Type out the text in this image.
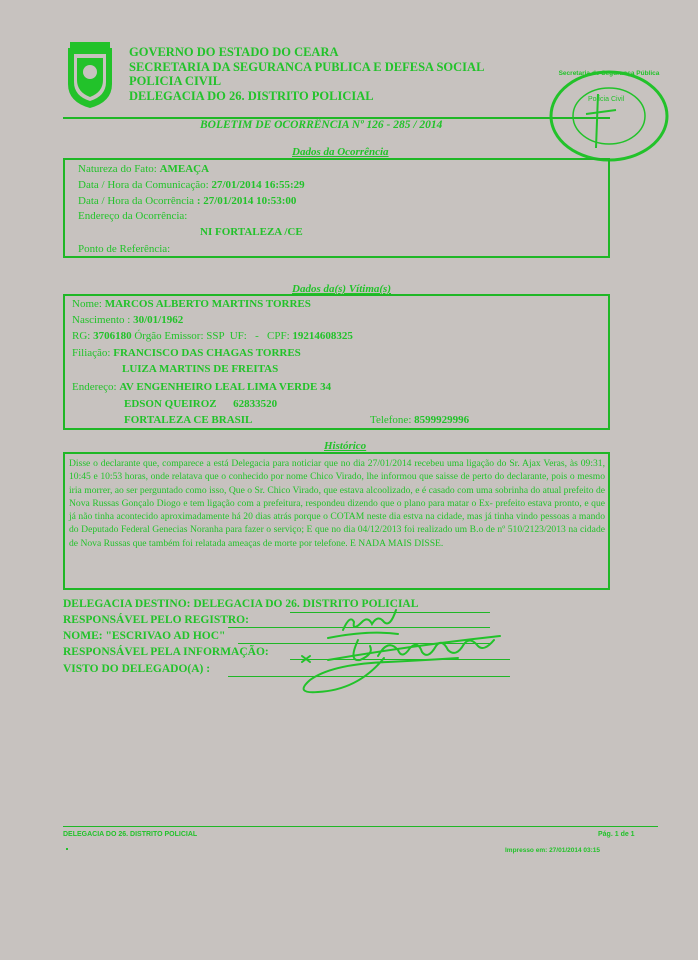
GOVERNO DO ESTADO DO CEARA
SECRETARIA DA SEGURANCA PUBLICA E DEFESA SOCIAL
POLICIA CIVIL
DELEGACIA DO 26. DISTRITO POLICIAL
BOLETIM DE OCORRÊNCIA Nº 126 - 285 / 2014
Polícia Civil
Secretaria de Segurança Pública
Dados da Ocorrência
Natureza do Fato: AMEAÇA
Data / Hora da Comunicação: 27/01/2014 16:55:29
Data / Hora da Ocorrência : 27/01/2014 10:53:00
Endereço da Ocorrência:
NI FORTALEZA /CE
Ponto de Referência:
Dados da(s) Vítima(s)
Nome: MARCOS ALBERTO MARTINS TORRES
Nascimento : 30/01/1962
RG: 3706180 Órgão Emissor: SSP UF: - CPF: 19214608325
Filiação: FRANCISCO DAS CHAGAS TORRES
LUIZA MARTINS DE FREITAS
Endereço: AV ENGENHEIRO LEAL LIMA VERDE 34
EDSON QUEIROZ      62833520
FORTALEZA CE BRASIL	Telefone: 8599929996
Histórico
Disse o declarante que, comparece a está Delegacia para noticiar que no dia 27/01/2014 recebeu uma ligação do Sr. Ajax Veras, às 09:31, 10:45 e 10:53 horas, onde relatava que o conhecido por nome Chico Virado, lhe informou que saisse de perto do declarante, pois o mesmo iria morrer, ao ser perguntado como isso, Que o Sr. Chico Virado, que estava alcoolizado, e é casado com uma sobrinha do atual prefeito de Nova Russas Gonçalo Diogo e tem ligação com a prefeitura, respondeu dizendo que o plano para matar o Ex- prefeito estava pronto, e que já não tinha acontecido aproximadamente há 20 dias atrás porque o COTAM neste dia estva na cidade, mas já tinha vindo pessoas a mando do Deputado Federal Genecias Noranha para fazer o serviço; E que no dia 04/12/2013 foi realizado um B.o de nº 510/2123/2013 na cidade de Nova Russas que também foi relatada ameaças de morte por telefone. E NADA MAIS DISSE.
DELEGACIA DESTINO: DELEGACIA DO 26. DISTRITO POLICIAL
RESPONSÁVEL PELO REGISTRO:
NOME: "ESCRIVAO AD HOC"
RESPONSÁVEL PELA INFORMAÇÃO:
VISTO DO DELEGADO(A) :
DELEGACIA DO 26. DISTRITO POLICIAL	Pág. 1 de 1
Impresso em: 27/01/2014 03:15
